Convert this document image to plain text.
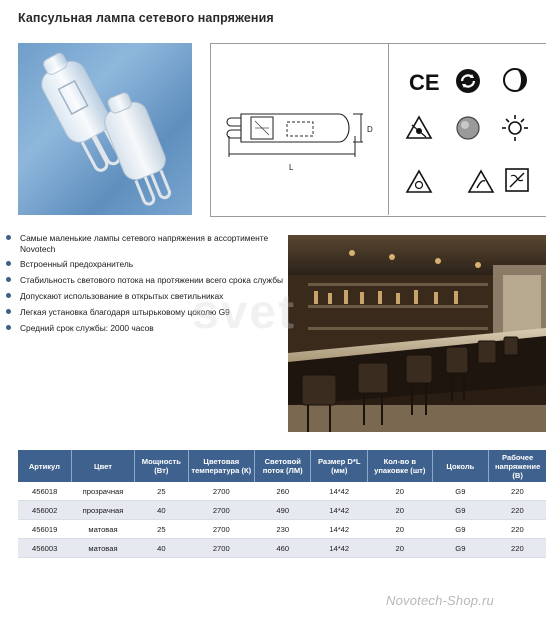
Капсульная лампа сетевого напряжения
D
L
CE
Самые маленькие лампы сетевого напряжения в ассортименте Novotech
Встроенный предохранитель
Стабильность светового потока на протяжении всего срока службы
Допускают использование в открытых светильниках
Легкая установка благодаря штырьковому цоколю G9
Средний срок службы: 2000 часов svet
Артикул	Цвет	Мощность (Вт)	Цветовая температура (К)	Световой поток (ЛМ)	Размер D*L (мм)	Кол-во в упаковке (шт)	Цоколь	Рабочее напряжение (В)
456018	прозрачная	25	2700	260	14*42	20	G9	220
456002	прозрачная	40	2700	490	14*42	20	G9	220
456019	матовая	25	2700	230	14*42	20	G9	220
456003	матовая	40	2700	460	14*42	20	G9	220
Novotech-Shop.ru
